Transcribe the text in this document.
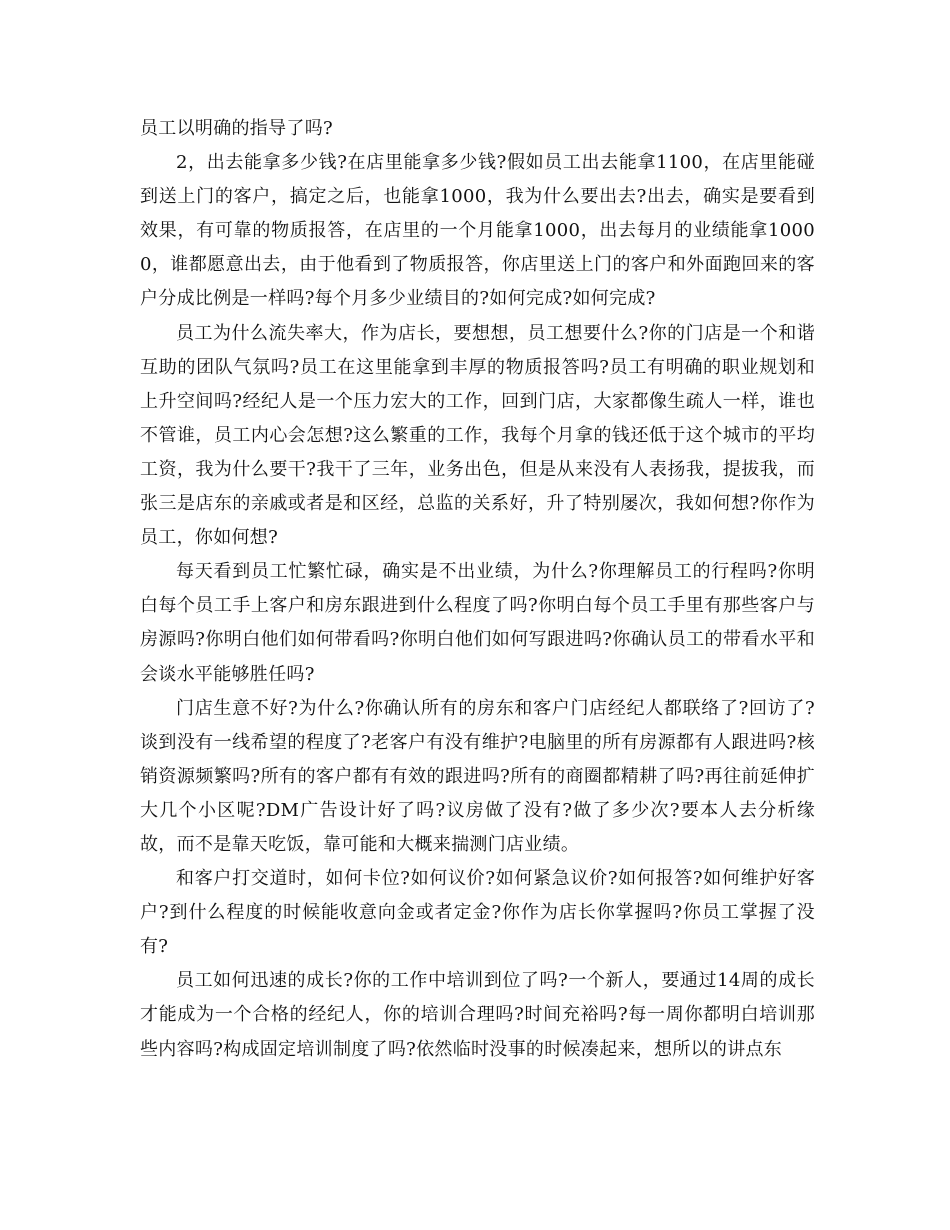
员工以明确的指导了吗?

2，出去能拿多少钱?在店里能拿多少钱?假如员工出去能拿1100，在店里能碰到送上门的客户，搞定之后，也能拿1000，我为什么要出去?出去，确实是要看到效果，有可靠的物质报答，在店里的一个月能拿1000，出去每月的业绩能拿10000，谁都愿意出去，由于他看到了物质报答，你店里送上门的客户和外面跑回来的客户分成比例是一样吗?每个月多少业绩目的?如何完成?如何完成?

员工为什么流失率大，作为店长，要想想，员工想要什么?你的门店是一个和谐互助的团队气氛吗?员工在这里能拿到丰厚的物质报答吗?员工有明确的职业规划和上升空间吗?经纪人是一个压力宏大的工作，回到门店，大家都像生疏人一样，谁也不管谁，员工内心会怎想?这么繁重的工作，我每个月拿的钱还低于这个城市的平均工资，我为什么要干?我干了三年，业务出色，但是从来没有人表扬我，提拔我，而张三是店东的亲戚或者是和区经，总监的关系好，升了特别屡次，我如何想?你作为员工，你如何想?

每天看到员工忙繁忙碌，确实是不出业绩，为什么?你理解员工的行程吗?你明白每个员工手上客户和房东跟进到什么程度了吗?你明白每个员工手里有那些客户与房源吗?你明白他们如何带看吗?你明白他们如何写跟进吗?你确认员工的带看水平和会谈水平能够胜任吗?

门店生意不好?为什么?你确认所有的房东和客户门店经纪人都联络了?回访了?谈到没有一线希望的程度了?老客户有没有维护?电脑里的所有房源都有人跟进吗?核销资源频繁吗?所有的客户都有有效的跟进吗?所有的商圈都精耕了吗?再往前延伸扩大几个小区呢?DM广告设计好了吗?议房做了没有?做了多少次?要本人去分析缘故，而不是靠天吃饭，靠可能和大概来揣测门店业绩。

和客户打交道时，如何卡位?如何议价?如何紧急议价?如何报答?如何维护好客户?到什么程度的时候能收意向金或者定金?你作为店长你掌握吗?你员工掌握了没有?

员工如何迅速的成长?你的工作中培训到位了吗?一个新人，要通过14周的成长才能成为一个合格的经纪人，你的培训合理吗?时间充裕吗?每一周你都明白培训那些内容吗?构成固定培训制度了吗?依然临时没事的时候凑起来，想所以的讲点东
